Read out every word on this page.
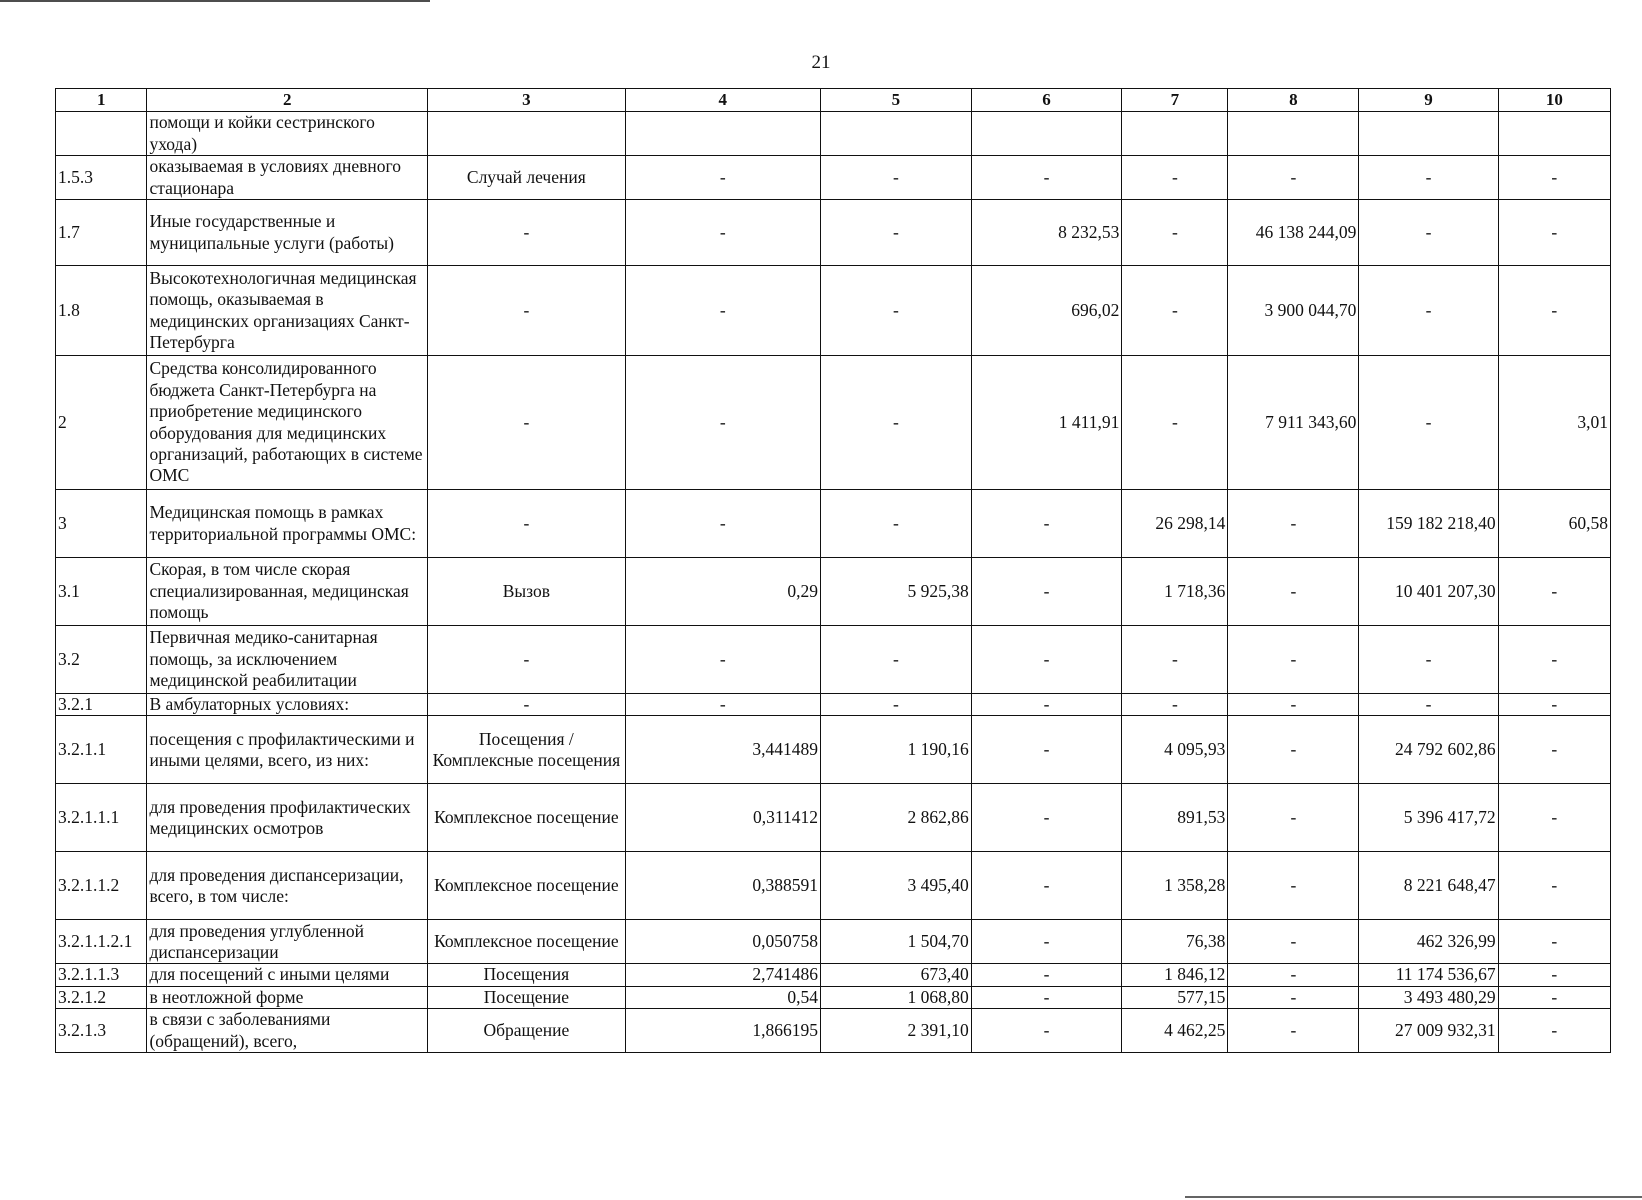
21
1	2	3	4	5	6	7	8	9	10
	помощи и койки сестринского ухода)								
1.5.3	оказываемая в условиях дневного стационара	Случай лечения	-	-	-	-	-	-	-
1.7	Иные государственные и муниципальные услуги (работы)	-	-	-	8 232,53	-	46 138 244,09	-	-
1.8	Высокотехнологичная медицинская помощь, оказываемая в медицинских организациях Санкт-Петербурга	-	-	-	696,02	-	3 900 044,70	-	-
2	Средства консолидированного бюджета Санкт-Петербурга на приобретение медицинского оборудования для медицинских организаций, работающих в системе ОМС	-	-	-	1 411,91	-	7 911 343,60	-	3,01
3	Медицинская помощь в рамках территориальной программы ОМС:	-	-	-	-	26 298,14	-	159 182 218,40	60,58
3.1	Скорая, в том числе скорая специализированная, медицинская помощь	Вызов	0,29	5 925,38	-	1 718,36	-	10 401 207,30	-
3.2	Первичная медико-санитарная помощь, за исключением медицинской реабилитации	-	-	-	-	-	-	-	-
3.2.1	В амбулаторных условиях:	-	-	-	-	-	-	-	-
3.2.1.1	посещения с профилактическими и иными целями, всего, из них:	Посещения / Комплексные посещения	3,441489	1 190,16	-	4 095,93	-	24 792 602,86	-
3.2.1.1.1	для проведения профилактических медицинских осмотров	Комплексное посещение	0,311412	2 862,86	-	891,53	-	5 396 417,72	-
3.2.1.1.2	для проведения диспансеризации, всего, в том числе:	Комплексное посещение	0,388591	3 495,40	-	1 358,28	-	8 221 648,47	-
3.2.1.1.2.1	для проведения углубленной диспансеризации	Комплексное посещение	0,050758	1 504,70	-	76,38	-	462 326,99	-
3.2.1.1.3	для посещений с иными целями	Посещения	2,741486	673,40	-	1 846,12	-	11 174 536,67	-
3.2.1.2	в неотложной форме	Посещение	0,54	1 068,80	-	577,15	-	3 493 480,29	-
3.2.1.3	в связи с заболеваниями (обращений), всего,	Обращение	1,866195	2 391,10	-	4 462,25	-	27 009 932,31	-
